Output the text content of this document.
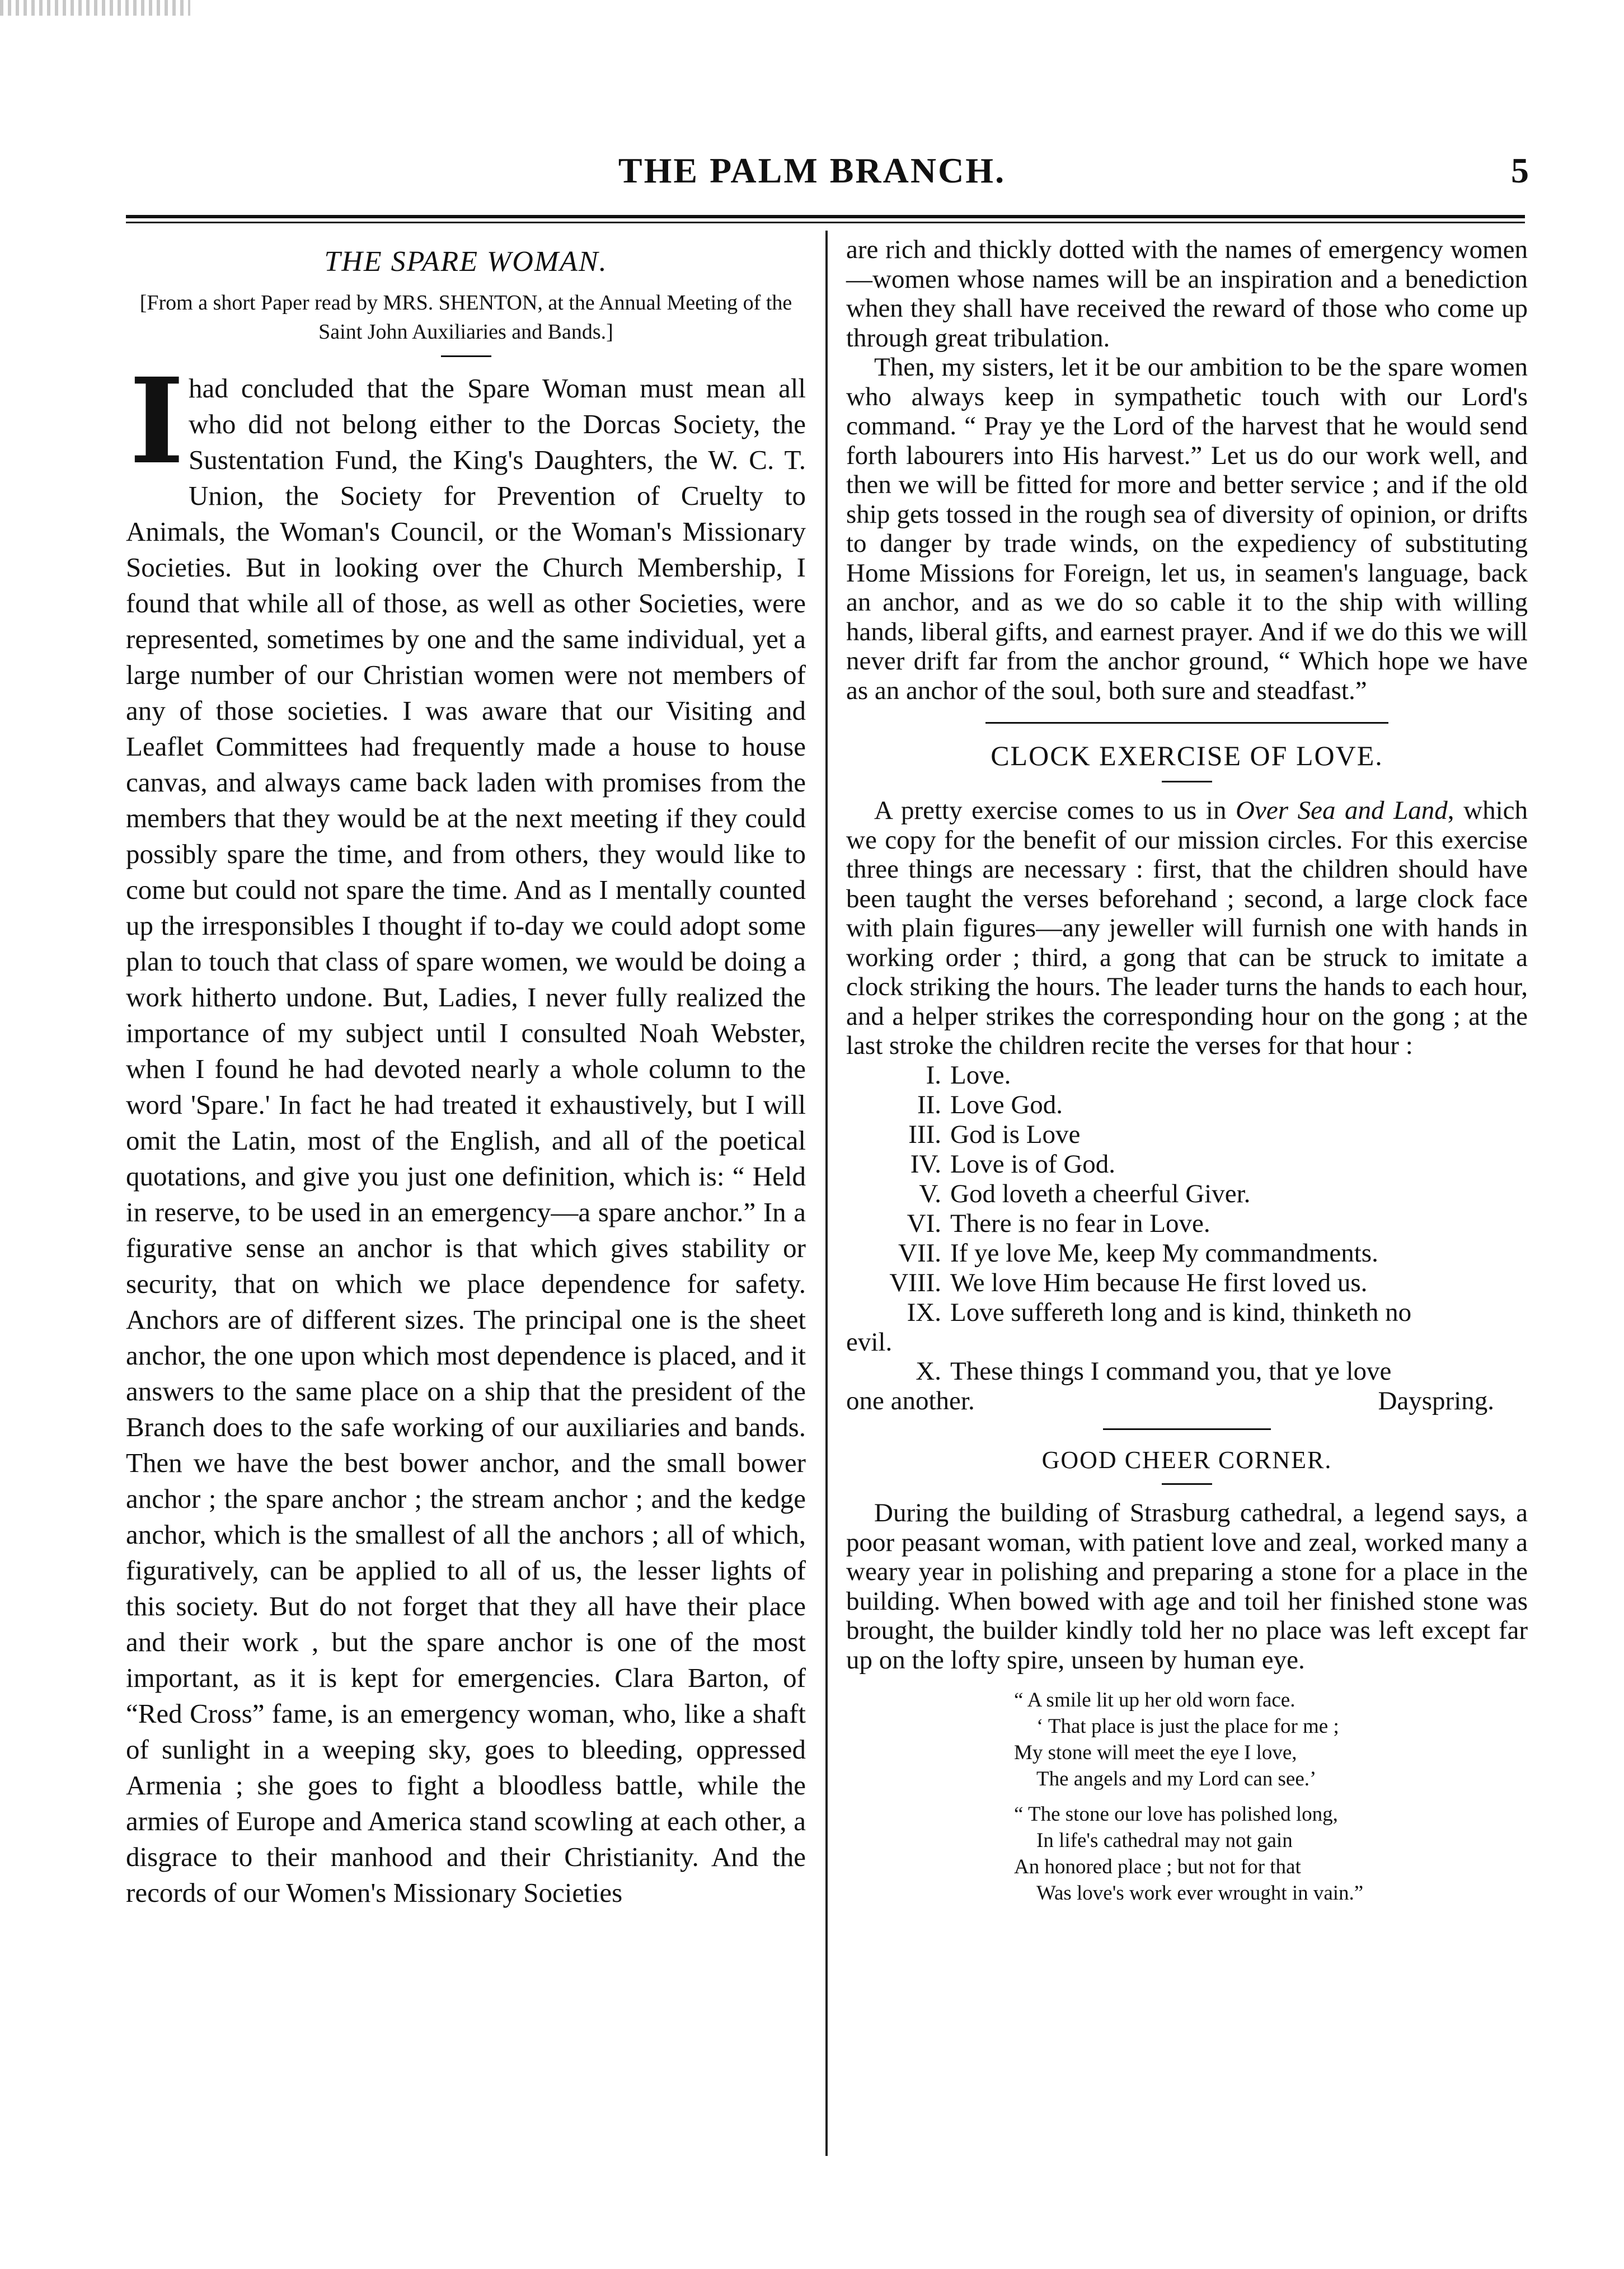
THE PALM BRANCH.	5
THE SPARE WOMAN.
[From a short Paper read by MRS. SHENTON, at the Annual Meeting of the Saint John Auxiliaries and Bands.]

Ihad concluded that the Spare Woman must mean all who did not belong either to the Dorcas Society, the Sustentation Fund, the King's Daughters, the W. C. T. Union, the Society for Prevention of Cruelty to Animals, the Woman's Council, or the Woman's Missionary Societies. But in looking over the Church Membership, I found that while all of those, as well as other Societies, were represented, sometimes by one and the same individual, yet a large number of our Christian women were not members of any of those societies. I was aware that our Visiting and Leaflet Committees had frequently made a house to house canvas, and always came back laden with promises from the members that they would be at the next meeting if they could possibly spare the time, and from others, they would like to come but could not spare the time. And as I mentally counted up the irresponsibles I thought if to-day we could adopt some plan to touch that class of spare women, we would be doing a work hitherto undone. But, Ladies, I never fully realized the importance of my subject until I consulted Noah Webster, when I found he had devoted nearly a whole column to the word 'Spare.' In fact he had treated it exhaustively, but I will omit the Latin, most of the English, and all of the poetical quotations, and give you just one definition, which is: “ Held in reserve, to be used in an emergency—a spare anchor.” In a figurative sense an anchor is that which gives stability or security, that on which we place dependence for safety. Anchors are of different sizes. The principal one is the sheet anchor, the one upon which most dependence is placed, and it answers to the same place on a ship that the president of the Branch does to the safe working of our auxiliaries and bands. Then we have the best bower anchor, and the small bower anchor ; the spare anchor ; the stream anchor ; and the kedge anchor, which is the smallest of all the anchors ; all of which, figuratively, can be applied to all of us, the lesser lights of this society. But do not forget that they all have their place and their work , but the spare anchor is one of the most important, as it is kept for emergencies. Clara Barton, of “Red Cross” fame, is an emergency woman, who, like a shaft of sunlight in a weeping sky, goes to bleeding, oppressed Armenia ; she goes to fight a bloodless battle, while the armies of Europe and America stand scowling at each other, a disgrace to their manhood and their Christianity. And the records of our Women's Missionary Societies

are rich and thickly dotted with the names of emergency women—women whose names will be an inspiration and a benediction when they shall have received the reward of those who come up through great tribulation.

Then, my sisters, let it be our ambition to be the spare women who always keep in sympathetic touch with our Lord's command. “ Pray ye the Lord of the harvest that he would send forth labourers into His harvest.” Let us do our work well, and then we will be fitted for more and better service ; and if the old ship gets tossed in the rough sea of diversity of opinion, or drifts to danger by trade winds, on the expediency of substituting Home Missions for Foreign, let us, in seamen's language, back an anchor, and as we do so cable it to the ship with willing hands, liberal gifts, and earnest prayer. And if we do this we will never drift far from the anchor ground, “ Which hope we have as an anchor of the soul, both sure and steadfast.”

CLOCK EXERCISE OF LOVE.

A pretty exercise comes to us in Over Sea and Land, which we copy for the benefit of our mission circles. For this exercise three things are necessary : first, that the children should have been taught the verses beforehand ; second, a large clock face with plain figures—any jeweller will furnish one with hands in working order ; third, a gong that can be struck to imitate a clock striking the hours. The leader turns the hands to each hour, and a helper strikes the corresponding hour on the gong ; at the last stroke the children recite the verses for that hour :

I. Love.
II. Love God.
III. God is Love
IV. Love is of God.
V. God loveth a cheerful Giver.
VI. There is no fear in Love.
VII. If ye love Me, keep My commandments.
VIII. We love Him because He first loved us.
IX. Love suffereth long and is kind, thinketh no
evil.
X. These things I command you, that ye love
one another.	Dayspring.
GOOD CHEER CORNER.

During the building of Strasburg cathedral, a legend says, a poor peasant woman, with patient love and zeal, worked many a weary year in polishing and preparing a stone for a place in the building. When bowed with age and toil her finished stone was brought, the builder kindly told her no place was left except far up on the lofty spire, unseen by human eye.

“ A smile lit up her old worn face.
‘ That place is just the place for me ;
My stone will meet the eye I love,
The angels and my Lord can see.’
“ The stone our love has polished long,
In life's cathedral may not gain
An honored place ; but not for that
Was love's work ever wrought in vain.”
